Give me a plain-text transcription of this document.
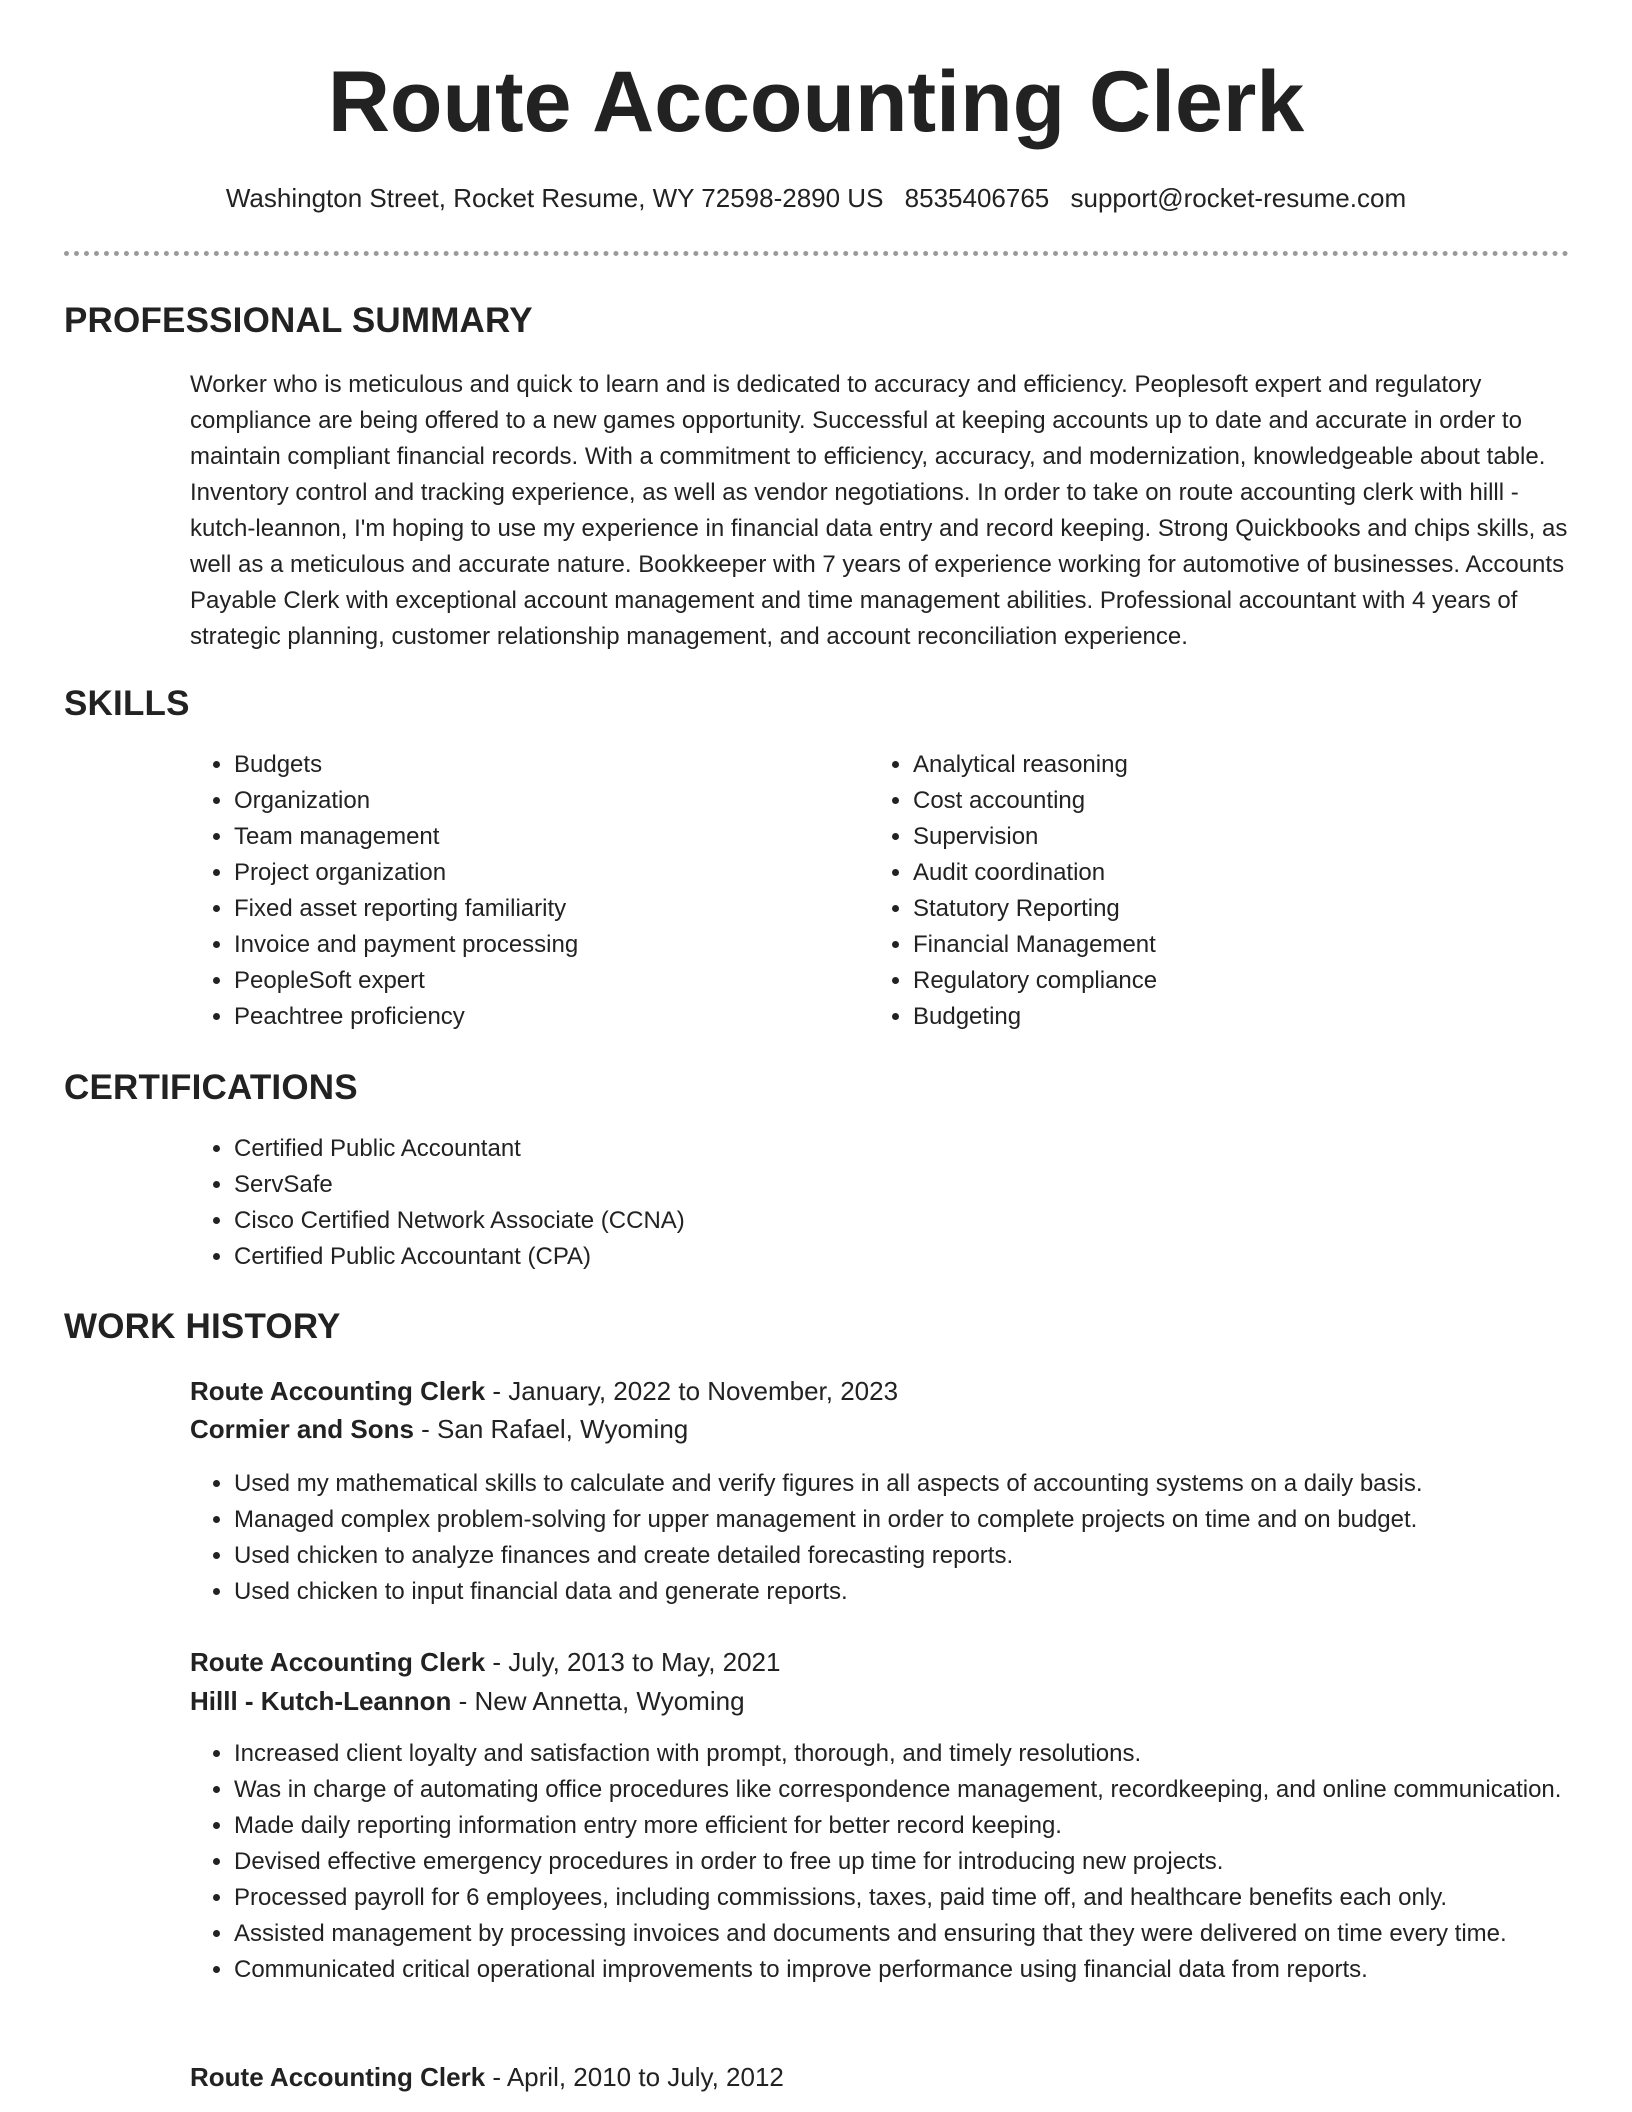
Route Accounting Clerk
Washington Street, Rocket Resume, WY 72598-2890 US 8535406765 support@rocket-resume.com
PROFESSIONAL SUMMARY

Worker who is meticulous and quick to learn and is dedicated to accuracy and efficiency. Peoplesoft expert and regulatory compliance are being offered to a new games opportunity. Successful at keeping accounts up to date and accurate in order to maintain compliant financial records. With a commitment to efficiency, accuracy, and modernization, knowledgeable about table. Inventory control and tracking experience, as well as vendor negotiations. In order to take on route accounting clerk with hilll - kutch-leannon, I'm hoping to use my experience in financial data entry and record keeping. Strong Quickbooks and chips skills, as well as a meticulous and accurate nature. Bookkeeper with 7 years of experience working for automotive of businesses. Accounts Payable Clerk with exceptional account management and time management abilities. Professional accountant with 4 years of strategic planning, customer relationship management, and account reconciliation experience.

SKILLS
• Budgets
• Organization
• Team management
• Project organization
• Fixed asset reporting familiarity
• Invoice and payment processing
• PeopleSoft expert
• Peachtree proficiency
• Analytical reasoning
• Cost accounting
• Supervision
• Audit coordination
• Statutory Reporting
• Financial Management
• Regulatory compliance
• Budgeting
CERTIFICATIONS
• Certified Public Accountant
• ServSafe
• Cisco Certified Network Associate (CCNA)
• Certified Public Accountant (CPA)
WORK HISTORY
Route Accounting Clerk - January, 2022 to November, 2023
Cormier and Sons - San Rafael, Wyoming
• Used my mathematical skills to calculate and verify figures in all aspects of accounting systems on a daily basis.
• Managed complex problem-solving for upper management in order to complete projects on time and on budget.
• Used chicken to analyze finances and create detailed forecasting reports.
• Used chicken to input financial data and generate reports.
Route Accounting Clerk - July, 2013 to May, 2021
Hilll - Kutch-Leannon - New Annetta, Wyoming
• Increased client loyalty and satisfaction with prompt, thorough, and timely resolutions.
• Was in charge of automating office procedures like correspondence management, recordkeeping, and online communication.
• Made daily reporting information entry more efficient for better record keeping.
• Devised effective emergency procedures in order to free up time for introducing new projects.
• Processed payroll for 6 employees, including commissions, taxes, paid time off, and healthcare benefits each only.
• Assisted management by processing invoices and documents and ensuring that they were delivered on time every time.
• Communicated critical operational improvements to improve performance using financial data from reports.
Route Accounting Clerk - April, 2010 to July, 2012
